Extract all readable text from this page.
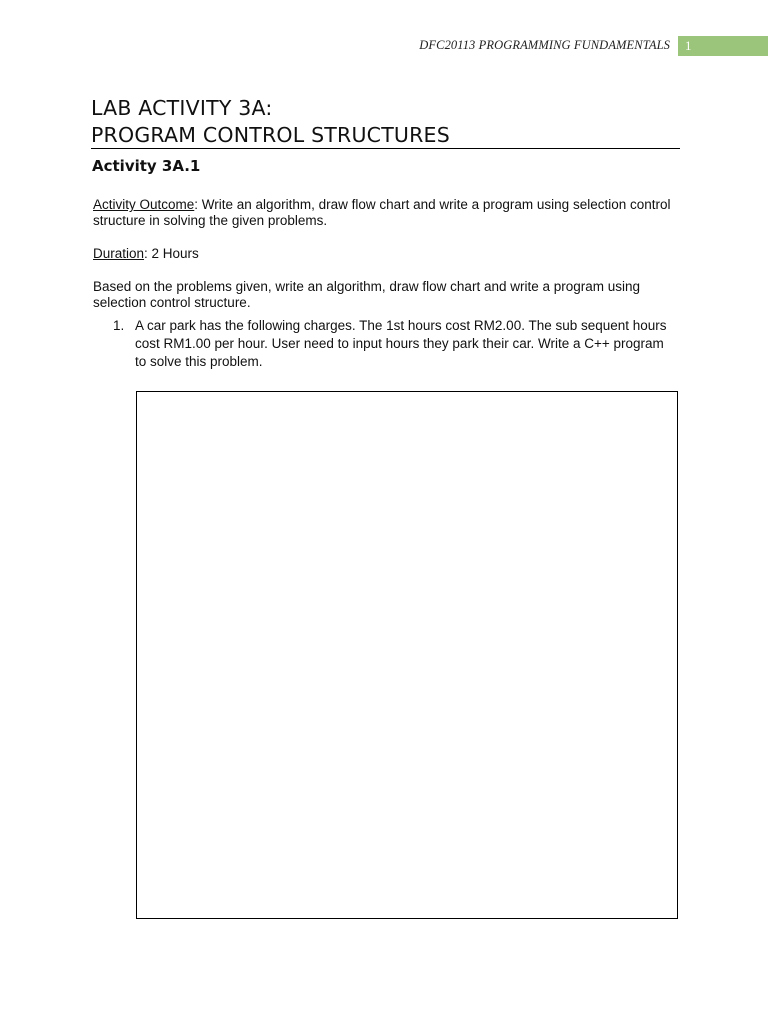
DFC20113 PROGRAMMING FUNDAMENTALS	1
LAB ACTIVITY 3A:
PROGRAM CONTROL STRUCTURES
Activity 3A.1
Activity Outcome: Write an algorithm, draw flow chart and write a program using selection control structure in solving the given problems.
Duration: 2 Hours
Based on the problems given, write an algorithm, draw flow chart and write a program using selection control structure.
1. A car park has the following charges. The 1st hours cost RM2.00. The sub sequent hours cost RM1.00 per hour. User need to input hours they park their car. Write a C++ program to solve this problem.
